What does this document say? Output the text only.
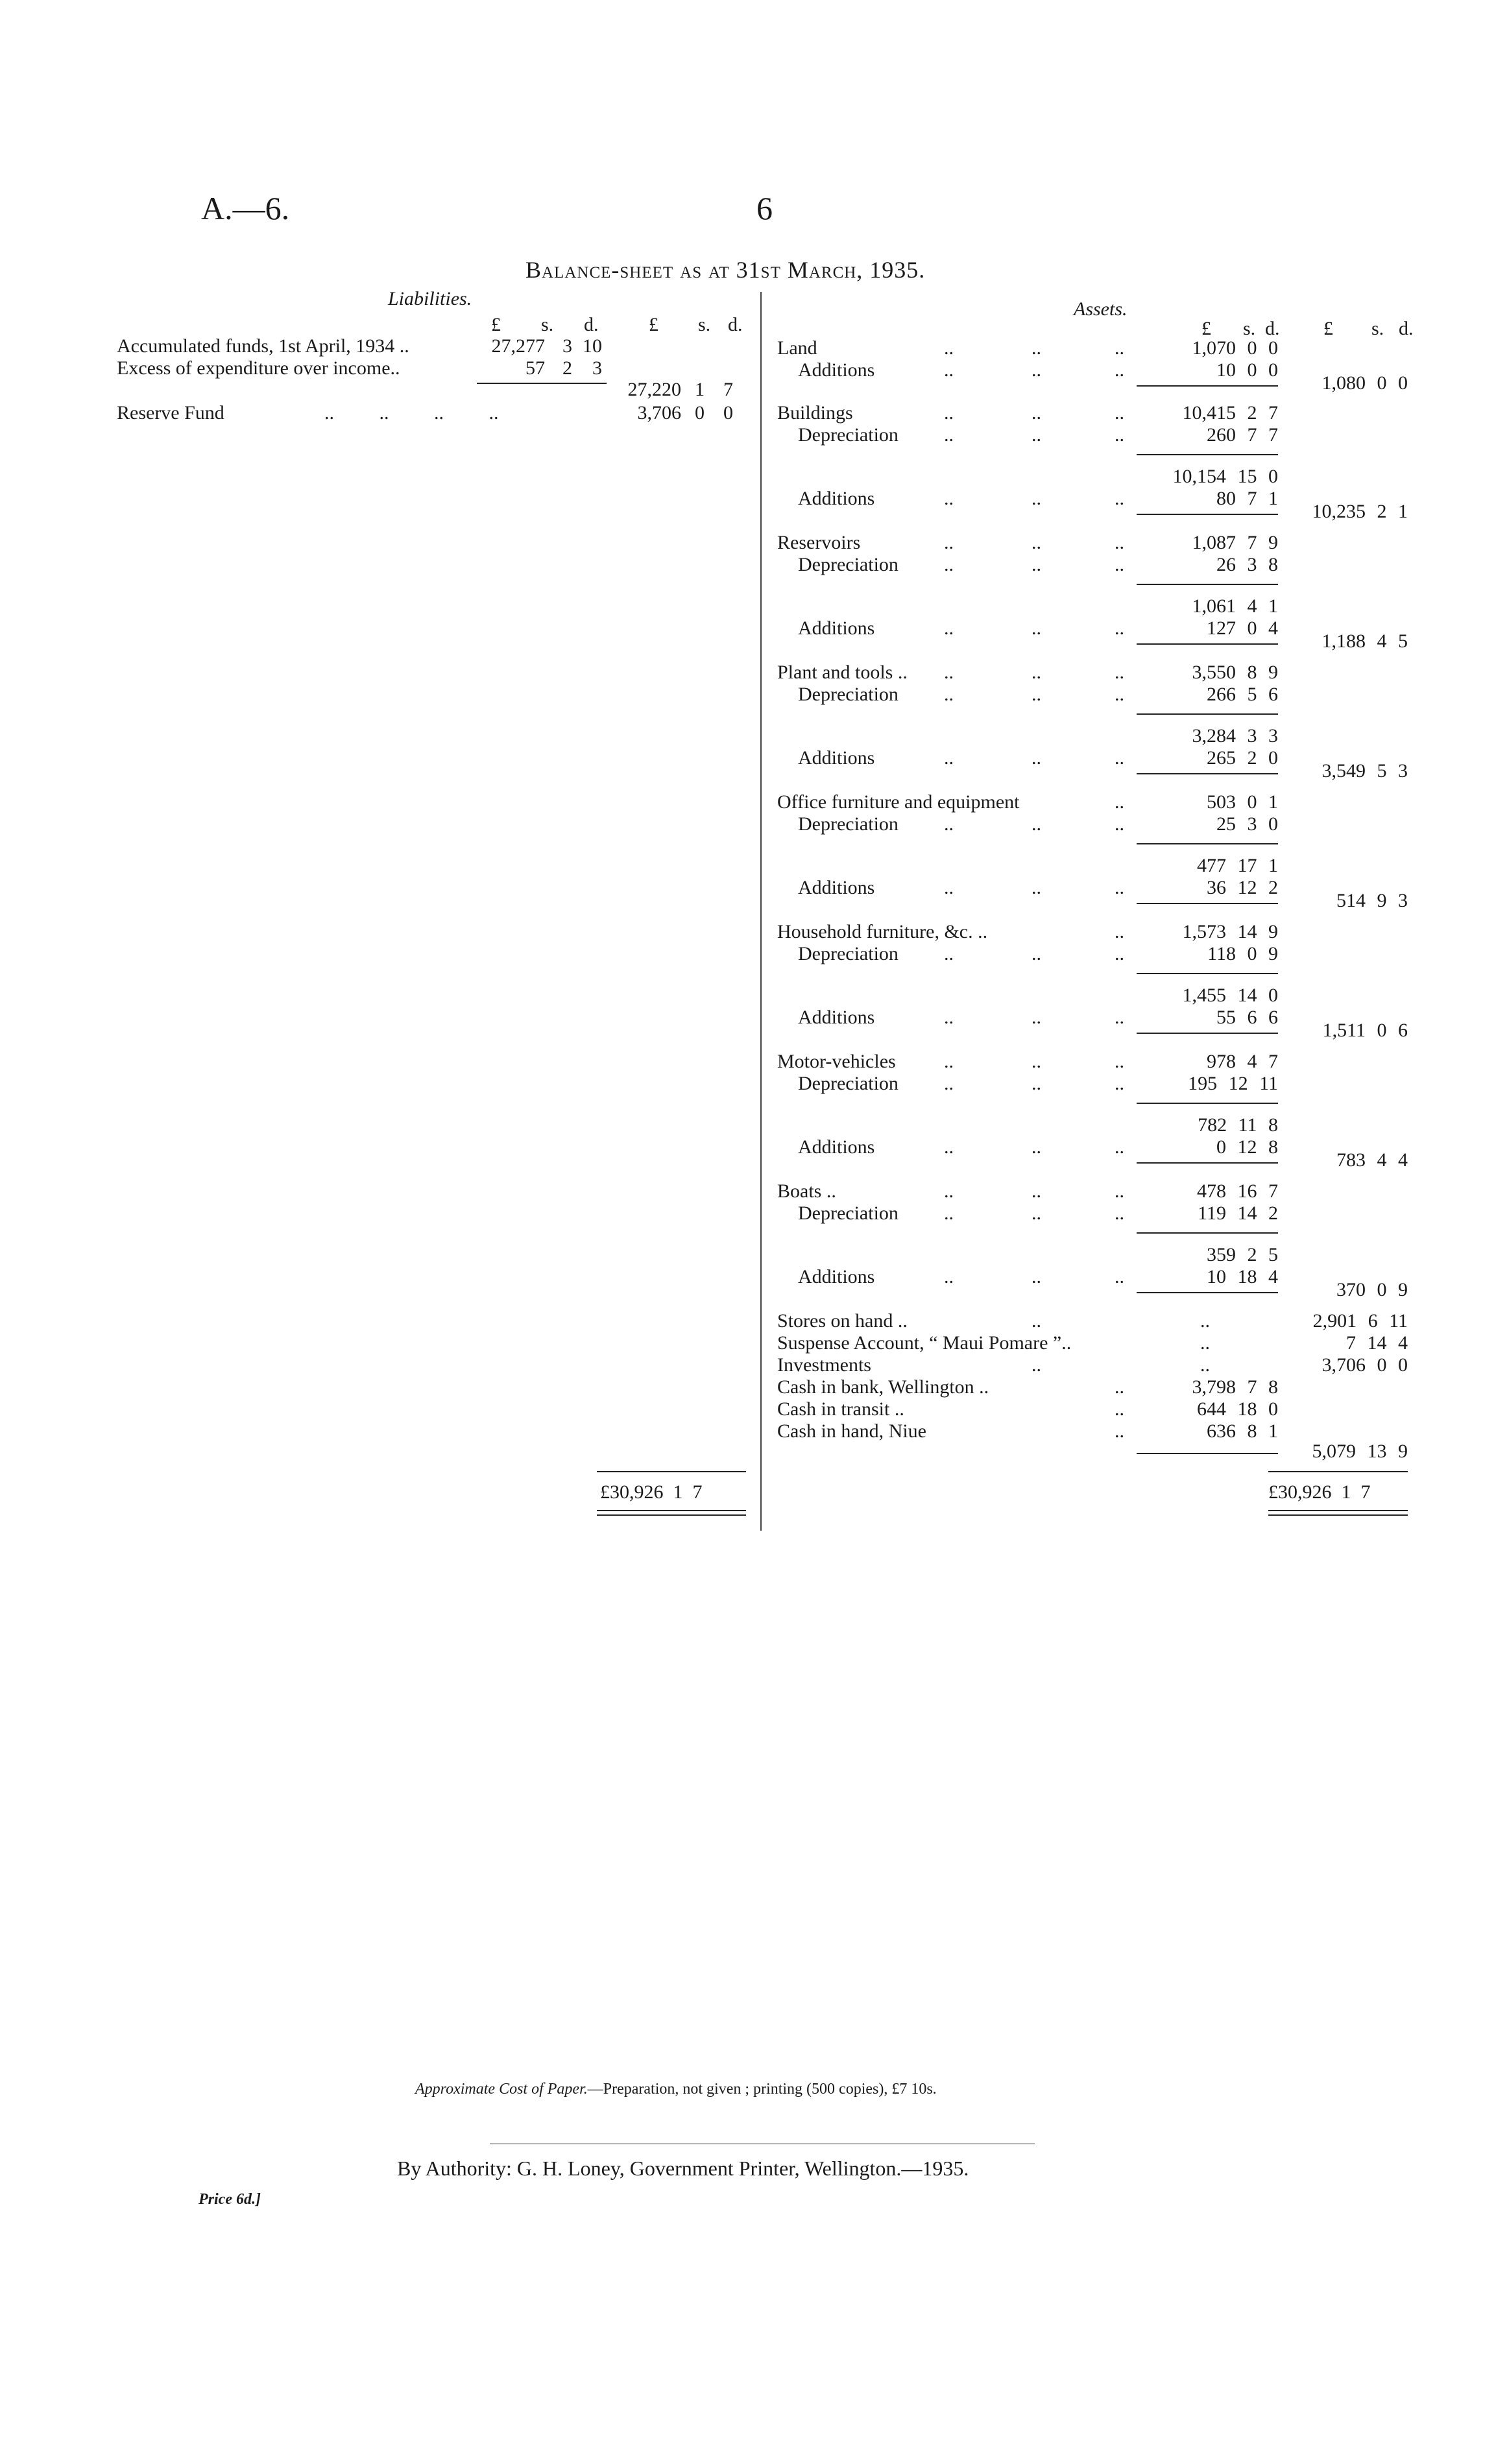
A.—6.	6
Balance-sheet as at 31st March, 1935.
Liabilities.
£ s. d.	£ s. d.
Accumulated funds, 1st April, 1934 ..	27,277 3 10
Excess of expenditure over income..	57 2	3
27,220 1 7
Reserve Fund	.. .. .. ..	3,706 0 0
£30,926  1  7
Assets.
£ s. d. £ s. d.
Land	..	..	..	1,070 0 0
Additions	..	..	..	10 0 0
1,080 0 0
Buildings	..	..	..	10,415 2 7
Depreciation ..	..	..	260 7 7
10,154 15 0
Additions	..	..	..	80 7 1
10,235 2 1
Reservoirs	..	..	..	1,087 7 9
Depreciation ..	..	..	26 3 8
1,061 4 1
Additions	..	..	..	127 0 4
1,188 4 5
Plant and tools .. ..	..	..	3,550 8 9
Depreciation ..	..	..	266 5 6
3,284 3 3
Additions	..	..	..	265 2 0
3,549 5 3
Office furniture and equipment	..	503 0 1
Depreciation ..	..	..	25 3 0
477 17 1
Additions	..	..	..	36 12 2
514 9 3
Household furniture, &c. ..	..	1,573 14 9
Depreciation ..	..	..	118 0 9
1,455 14 0
Additions	..	..	..	55 6 6
1,511 0 6
Motor-vehicles ..	..	..	978 4 7
Depreciation ..	..	..	195 12 11
782 11 8
Additions	..	..	..	0 12 8
783 4 4
Boats ..	..	..	..	478 16 7
Depreciation ..	..	..	119 14 2
359 2 5
Additions	..	..	..	10 18 4
370 0 9
Stores on hand ..	..	..	2,901 6 11
Suspense Account, “ Maui Pomare ”..	..	7 14 4
Investments	..	..	3,706 0 0
Cash in bank, Wellington ..	..	3,798 7 8
Cash in transit ..	..	644 18 0
Cash in hand, Niue	..	636 8 1
5,079 13 9
£30,926  1  7
Approximate Cost of Paper.—Preparation, not given ; printing (500 copies), £7 10s.
By Authority: G. H. Loney, Government Printer, Wellington.—1935.
Price 6d.]
